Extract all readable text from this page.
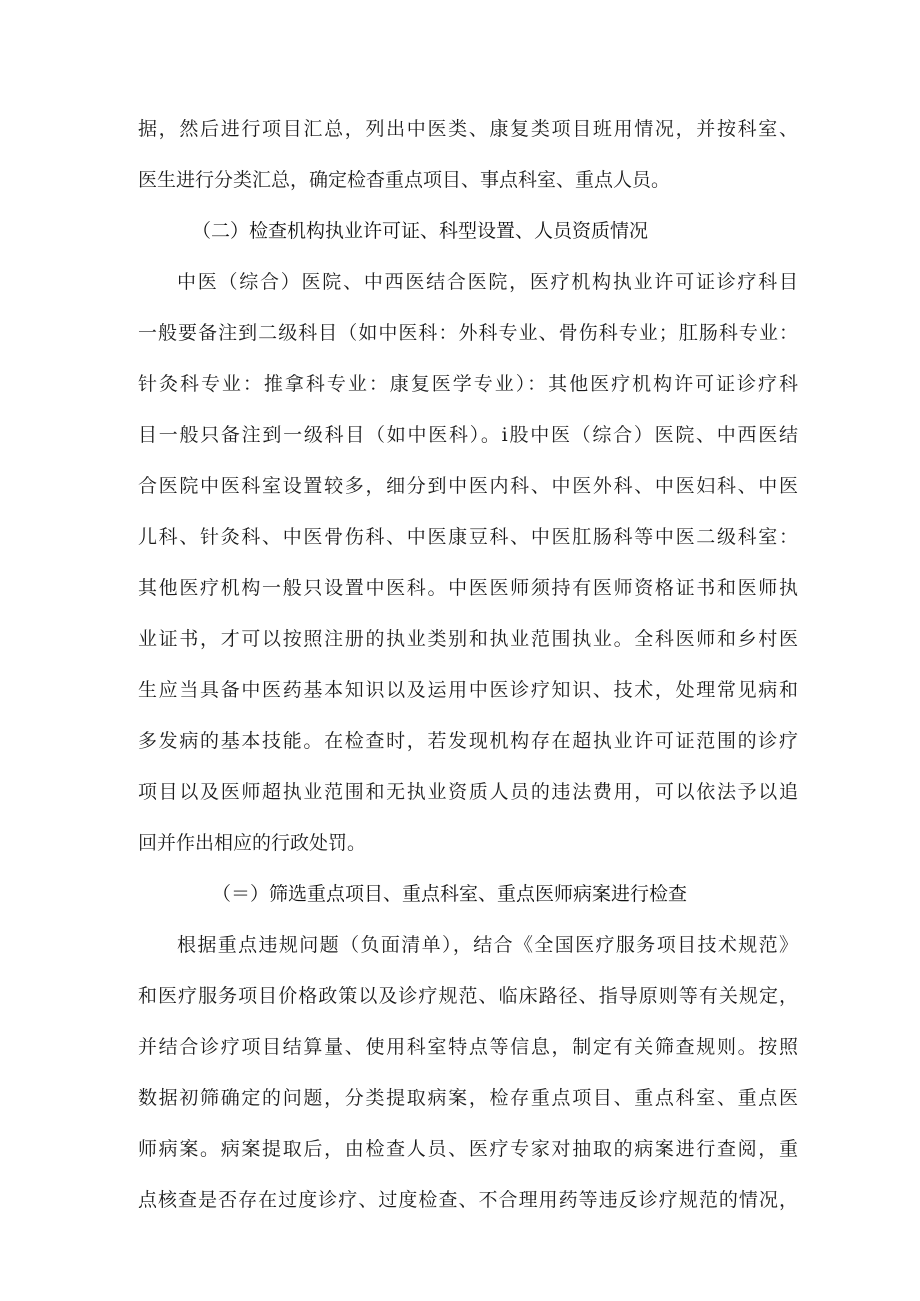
据，然后进行项目汇总，列出中医类、康复类项目班用情况，并按科室、
医生进行分类汇总，确定检杳重点项目、事点科室、重点人员。
（二）检查机构执业许可证、科型设置、人员资质情况
中医（综合）医院、中西医结合医院，医疗机构执业许可证诊疗科目
一般要备注到二级科目（如中医科：外科专业、骨伤科专业；肛肠科专业：
针灸科专业：推拿科专业：康复医学专业）：其他医疗机构许可证诊疗科
目一般只备注到一级科目（如中医科）。i股中医（综合）医院、中西医结
合医院中医科室设置较多，细分到中医内科、中医外科、中医妇科、中医
儿科、针灸科、中医骨伤科、中医康豆科、中医肛肠科等中医二级科室：
其他医疗机构一般只设置中医科。中医医师须持有医师资格证书和医师执
业证书，才可以按照注册的执业类别和执业范围执业。全科医师和乡村医
生应当具备中医药基本知识以及运用中医诊疗知识、技术，处理常见病和
多发病的基本技能。在检查时，若发现机构存在超执业许可证范围的诊疗
项目以及医师超执业范围和无执业资质人员的违法费用，可以依法予以追
回并作出相应的行政处罚。
（＝）筛选重点项目、重点科室、重点医师病案进行检查
根据重点违规问题（负面清单），结合《全国医疗服务项目技术规范》
和医疗服务项目价格政策以及诊疗规范、临床路径、指导原则等有关规定，
并结合诊疗项目结算量、使用科室特点等信息，制定有关筛查规则。按照
数据初筛确定的问题，分类提取病案，检存重点项目、重点科室、重点医
师病案。病案提取后，由检查人员、医疗专家对抽取的病案进行查阅，重
点核查是否存在过度诊疗、过度检查、不合理用药等违反诊疗规范的情况，
